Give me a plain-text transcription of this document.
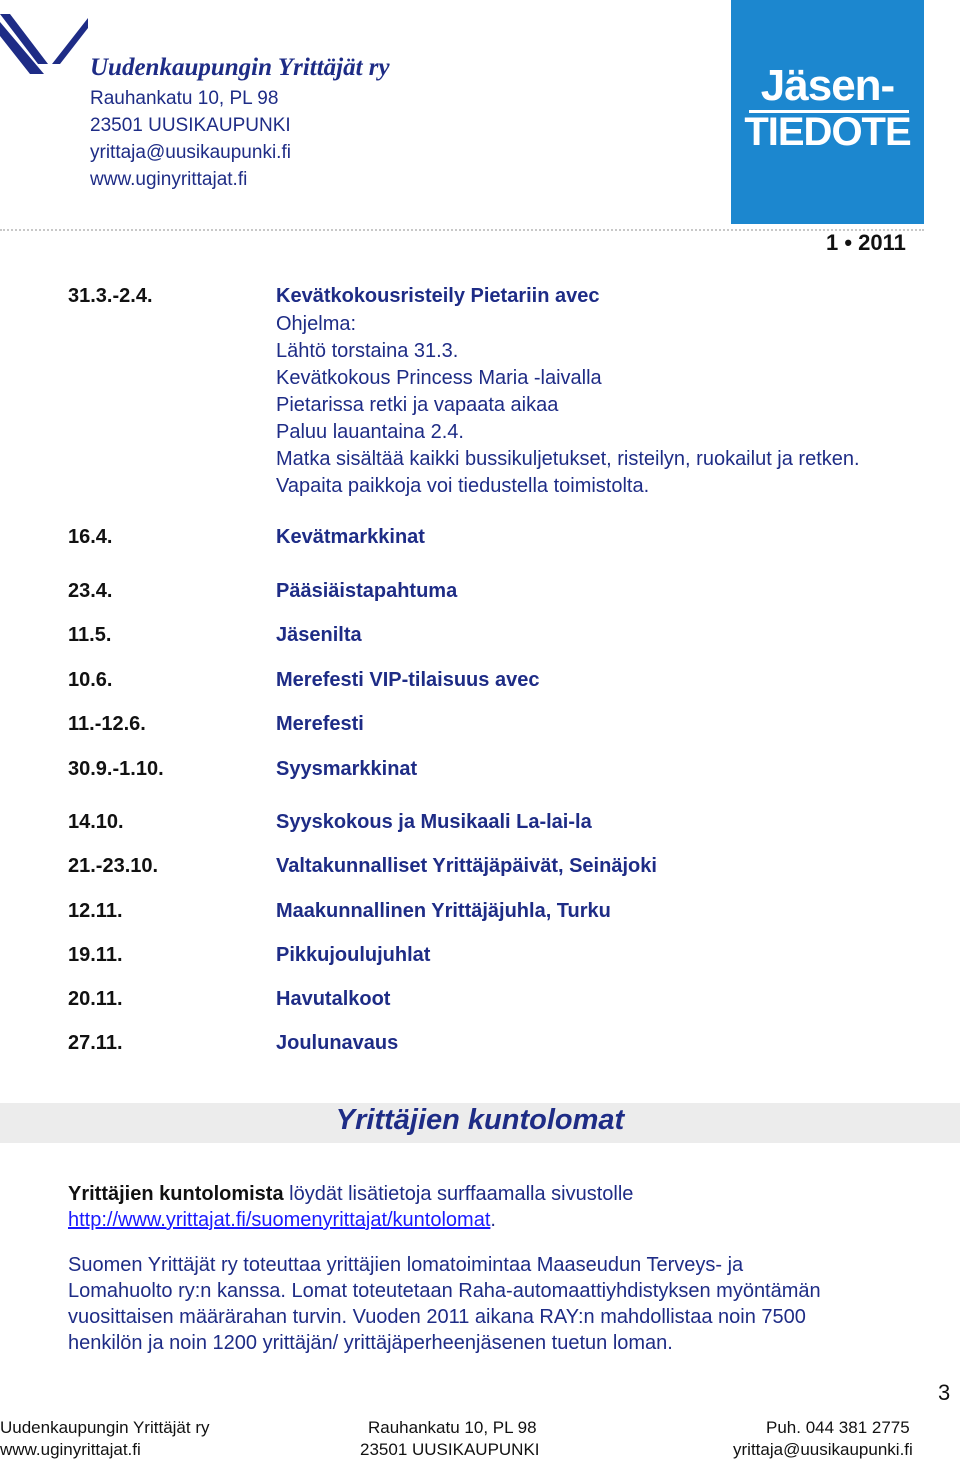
Uudenkaupungin Yrittäjät ry
Rauhankatu 10, PL 98
23501 UUSIKAUPUNKI
yrittaja@uusikaupunki.fi
www.uginyrittajat.fi
Jäsen-
TIEDOTE
1 • 2011
31.3.-2.4.	Kevätkokousristeily Pietariin avec
Ohjelma:
Lähtö torstaina 31.3.
Kevätkokous Princess Maria -laivalla
Pietarissa retki ja vapaata aikaa
Paluu lauantaina 2.4.
Matka sisältää kaikki bussikuljetukset, risteilyn, ruokailut ja retken.
Vapaita paikkoja voi tiedustella toimistolta.
16.4.	Kevätmarkkinat
23.4.	Pääsiäistapahtuma
11.5.	Jäsenilta
10.6.	Merefesti VIP-tilaisuus avec
11.-12.6.	Merefesti
30.9.-1.10.	Syysmarkkinat
14.10.	Syyskokous ja Musikaali La-lai-la
21.-23.10.	Valtakunnalliset Yrittäjäpäivät, Seinäjoki
12.11.	Maakunnallinen Yrittäjäjuhla, Turku
19.11.	Pikkujoulujuhlat
20.11.	Havutalkoot
27.11.	Joulunavaus
Yrittäjien kuntolomat
Yrittäjien kuntolomista löydät lisätietoja surffaamalla sivustolle
http://www.yrittajat.fi/suomenyrittajat/kuntolomat.
Suomen Yrittäjät ry toteuttaa yrittäjien lomatoimintaa Maaseudun Terveys- ja
Lomahuolto ry:n kanssa. Lomat toteutetaan Raha-automaattiyhdistyksen myöntämän
vuosittaisen määrärahan turvin. Vuoden 2011 aikana RAY:n mahdollistaa noin 7500
henkilön ja noin 1200 yrittäjän/ yrittäjäperheenjäsenen tuetun loman.
3
Uudenkaupungin Yrittäjät ry
www.uginyrittajat.fi
Rauhankatu 10, PL 98
23501 UUSIKAUPUNKI
Puh. 044 381 2775
yrittaja@uusikaupunki.fi
